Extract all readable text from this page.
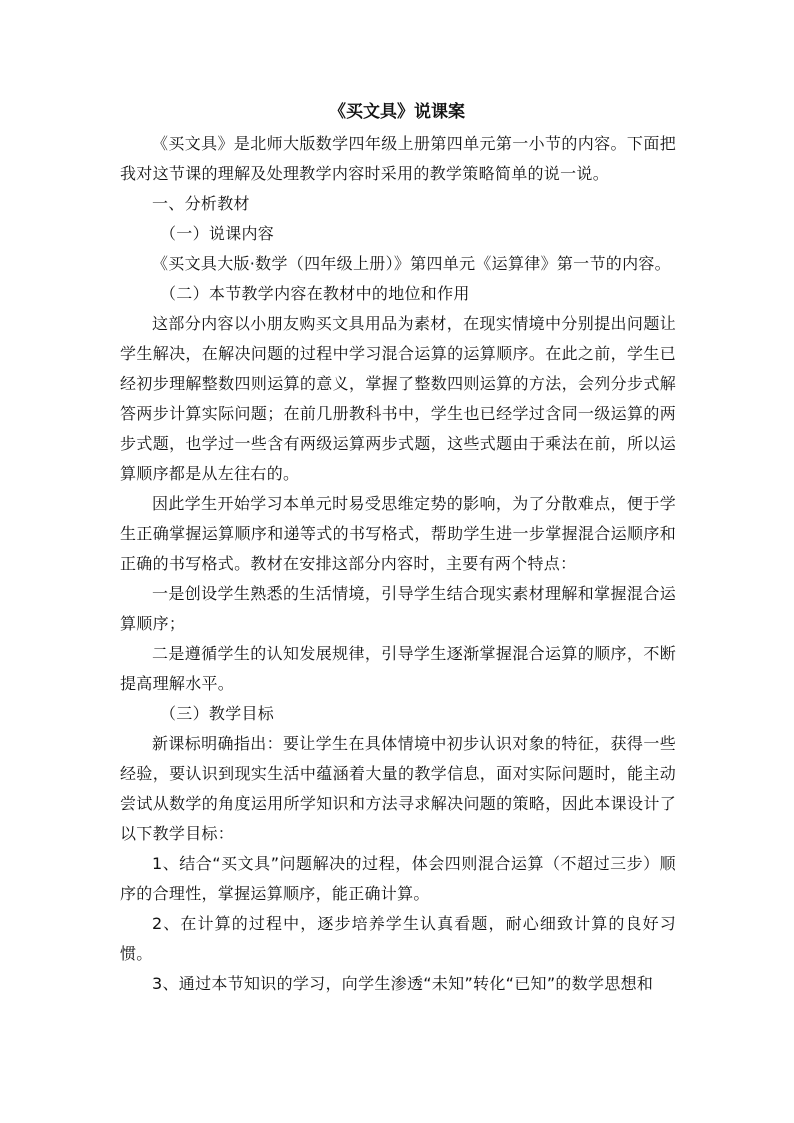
《买文具》说课案

《买文具》是北师大版数学四年级上册第四单元第一小节的内容。下面把我对这节课的理解及处理教学内容时采用的教学策略简单的说一说。

一、分析教材

（一）说课内容

《买文具大版·数学（四年级上册）》第四单元《运算律》第一节的内容。

（二）本节教学内容在教材中的地位和作用

这部分内容以小朋友购买文具用品为素材，在现实情境中分别提出问题让学生解决，在解决问题的过程中学习混合运算的运算顺序。在此之前，学生已经初步理解整数四则运算的意义，掌握了整数四则运算的方法，会列分步式解答两步计算实际问题；在前几册教科书中，学生也已经学过含同一级运算的两步式题，也学过一些含有两级运算两步式题，这些式题由于乘法在前，所以运算顺序都是从左往右的。

因此学生开始学习本单元时易受思维定势的影响，为了分散难点，便于学生正确掌握运算顺序和递等式的书写格式，帮助学生进一步掌握混合运顺序和正确的书写格式。教材在安排这部分内容时，主要有两个特点：

一是创设学生熟悉的生活情境，引导学生结合现实素材理解和掌握混合运算顺序；

二是遵循学生的认知发展规律，引导学生逐渐掌握混合运算的顺序，不断提高理解水平。

（三）教学目标

新课标明确指出：要让学生在具体情境中初步认识对象的特征，获得一些经验，要认识到现实生活中蕴涵着大量的教学信息，面对实际问题时，能主动尝试从数学的角度运用所学知识和方法寻求解决问题的策略，因此本课设计了以下教学目标：

1、结合“买文具”问题解决的过程，体会四则混合运算（不超过三步）顺序的合理性，掌握运算顺序，能正确计算。

2、在计算的过程中，逐步培养学生认真看题，耐心细致计算的良好习惯。

3、通过本节知识的学习，向学生渗透“未知”转化“已知”的数学思想和
